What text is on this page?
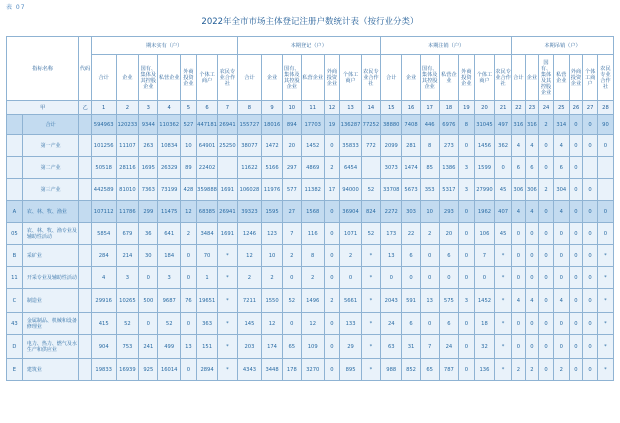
表 07
2022年全市市场主体登记注册户数统计表（按行业分类）
指标名称		代码	期末实有（户）							本期登记（户）							本期注销（户）							本期吊销（户）						
			合计	企业	国有、集体及其控股企业	私营企业	外商投资企业	个体工商户	农民专业合作社	合计	企业	国有、集体及其控股企业	私营企业	外商投资企业	个体工商户	农民专业合作社	合计	企业	国有、集体及其控股企业	私营企业	外商投资企业	个体工商户	农民专业合作社	合计	企业	国有、集体及其控股企业	私营企业	外商投资企业	个体工商户	农民专业合作社
甲		乙	1	2	3	4	5	6	7	8	9	10	11	12	13	14	15	16	17	18	19	20	21	22	23	24	25	26	27	28
	合计		594963	120233	9344	110362	527	447181	26941	155727	18016	894	17703	19	136287	77252	38880	7408	446	6976	8	31045	497	316	316	2	314	0	0	90
	第一产业		101256	11107	263	10834	10	64901	25250	38077	1472	20	1452	0	35833	772	2099	281	8	273	0	1456	362	4	4	0	4	0	0	0
	第二产业		50518	28116	1695	26329	89	22402		11622	5166	297	4869	2	6454		3073	1474	85	1386	3	1599	0	6	6	0	6	0		
	第三产业		442589	81010	7363	73199	428	359888	1691	106028	11976	577	11382	17	94000	52	33708	5673	353	5317	3	27990	45	306	306	2	304	0	0	
A	农、林、牧、渔业		107112	11786	299	11475	12	68385	26941	39323	1595	27	1568	0	36904	824	2272	303	10	293	0	1962	407	4	4	0	4	0	0	0
05	农、林、牧、渔专业及辅助性活动		5854	679	36	641	2	3484	1691	1246	123	7	116	0	1071	52	173	22	2	20	0	106	45	0	0	0	0	0	0	0
B	采矿业		284	214	30	184	0	70	*	12	10	2	8	0	2	*	13	6	0	6	0	7	*	0	0	0	0	0	0	*
11	开采专业及辅助性活动		4	3	0	3	0	1	*	2	2	0	2	0	0	*	0	0	0	0	0	0	*	0	0	0	0	0	0	*
C	制造业		29916	10265	500	9687	76	19651	*	7211	1550	52	1496	2	5661	*	2043	591	13	575	3	1452	*	4	4	0	4	0	0	*
43	金属制品、机械和设备修理业		415	52	0	52	0	363	*	145	12	0	12	0	133	*	24	6	0	6	0	18	*	0	0	0	0	0	0	*
D	电力、热力、燃气及水生产和供应业		904	753	241	499	13	151	*	203	174	65	109	0	29	*	63	31	7	24	0	32	*	0	0	0	0	0	0	*
E	建筑业		19833	16939	925	16014	0	2894	*	4343	3448	178	3270	0	895	*	988	852	65	787	0	136	*	2	2	0	2	0	0	*
